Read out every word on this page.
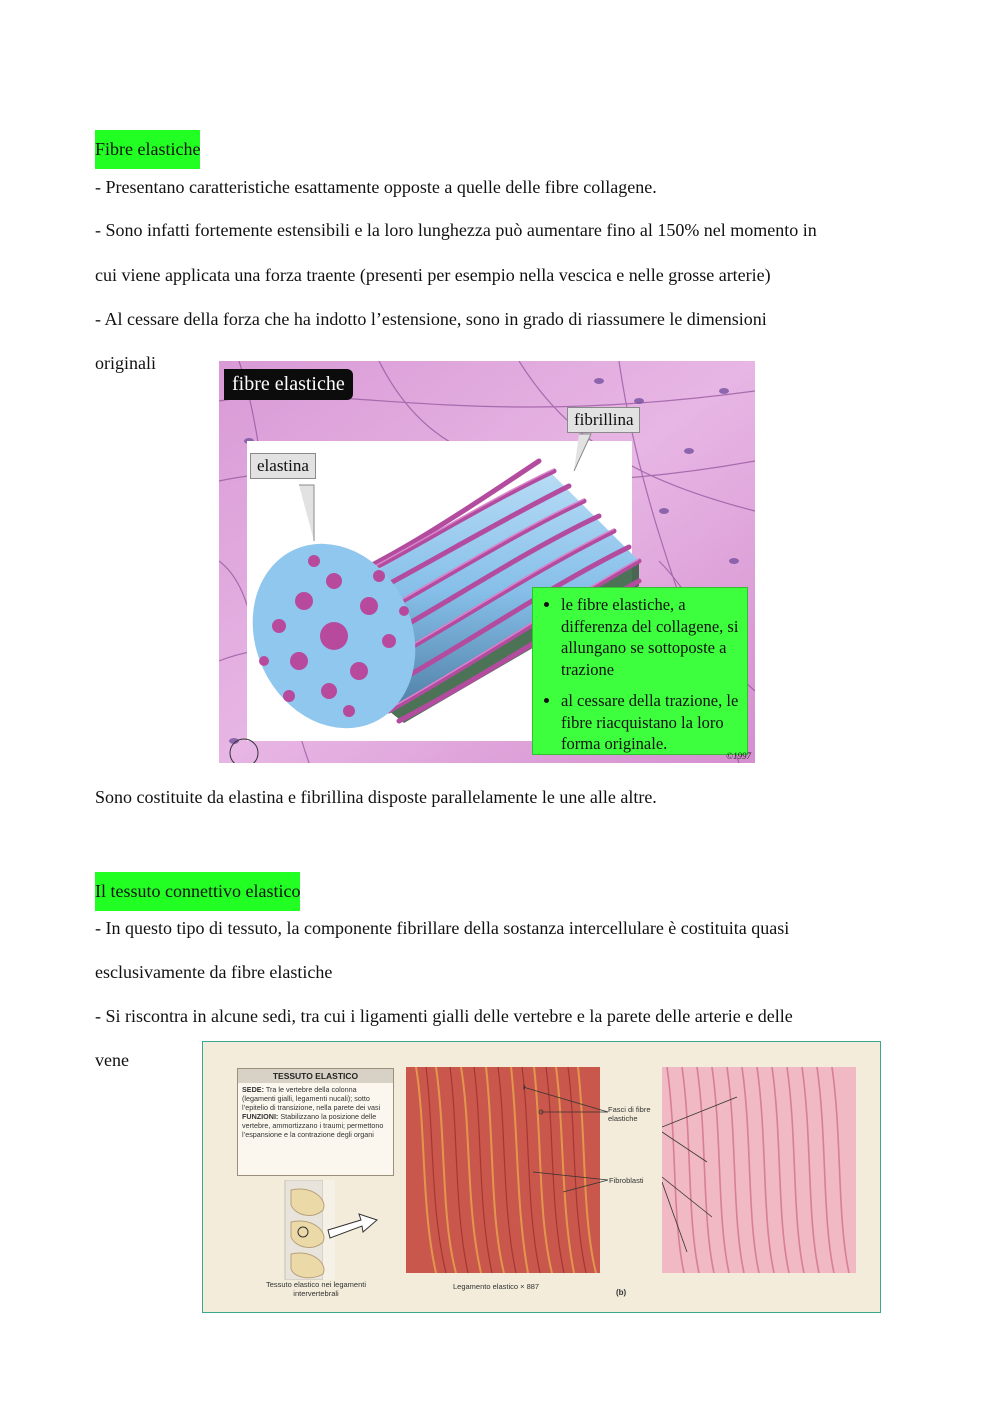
Fibre elastiche
- Presentano caratteristiche esattamente opposte a quelle delle fibre collagene.
- Sono infatti fortemente estensibili e la loro lunghezza può aumentare fino al 150% nel momento in
cui viene applicata una forza traente (presenti per esempio nella vescica e nelle grosse arterie)
- Al cessare della forza che ha indotto l’estensione, sono in grado di riassumere le dimensioni
originali
fibre elastiche
fibrillina
elastina
• le fibre elastiche, a differenza del collagene, si allungano se sottoposte a trazione
• al cessare della trazione, le fibre riacquistano la loro forma originale.
©1997
Sono costituite da elastina e fibrillina disposte parallelamente le une alle altre.
Il tessuto connettivo elastico
- In questo tipo di tessuto, la componente fibrillare della sostanza intercellulare è costituita quasi
esclusivamente da fibre elastiche
- Si riscontra in alcune sedi, tra cui i ligamenti gialli delle vertebre e la parete delle arterie e delle
vene
TESSUTO ELASTICO
SEDE: Tra le vertebre della colonna (legamenti gialli, legamenti nucali); sotto l’epitelio di transizione, nella parete dei vasi
FUNZIONI: Stabilizzano la posizione delle vertebre, ammortizzano i traumi; permettono l’espansione e la contrazione degli organi
Tessuto elastico nei legamenti intervertebrali
Legamento elastico × 887
Fasci di fibre elastiche
Fibroblasti
(b)
